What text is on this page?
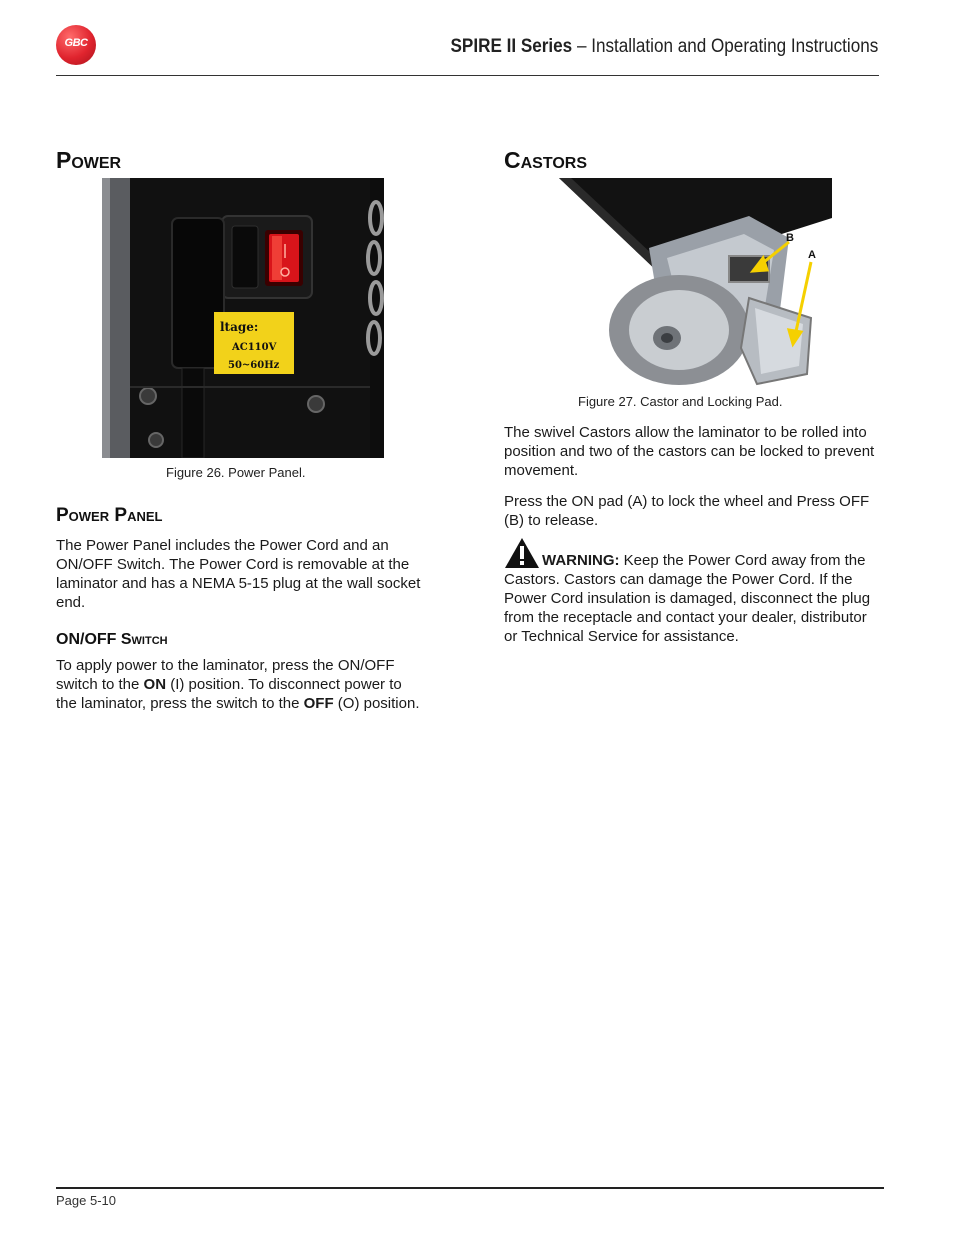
GBC	SPIRE II Series – Installation and Operating Instructions
Power
ltage:
AC110V
50~60Hz
Figure 26. Power Panel.
Power Panel
The Power Panel includes the Power Cord and an ON/OFF Switch. The Power Cord is removable at the laminator and has a NEMA 5-15 plug at the wall socket end.
ON/OFF Switch
To apply power to the laminator, press the ON/OFF switch to the ON (I) position. To disconnect power to the laminator, press the switch to the OFF (O) position.
Castors
B
A
Figure 27. Castor and Locking Pad.
The swivel Castors allow the laminator to be rolled into position and two of the castors can be locked to prevent movement.
Press the ON pad (A) to lock the wheel and Press OFF (B) to release.
WARNING: Keep the Power Cord away from the Castors. Castors can damage the Power Cord. If the Power Cord insulation is damaged, disconnect the plug from the receptacle and contact your dealer, distributor or Technical Service for assistance.
Page 5-10
